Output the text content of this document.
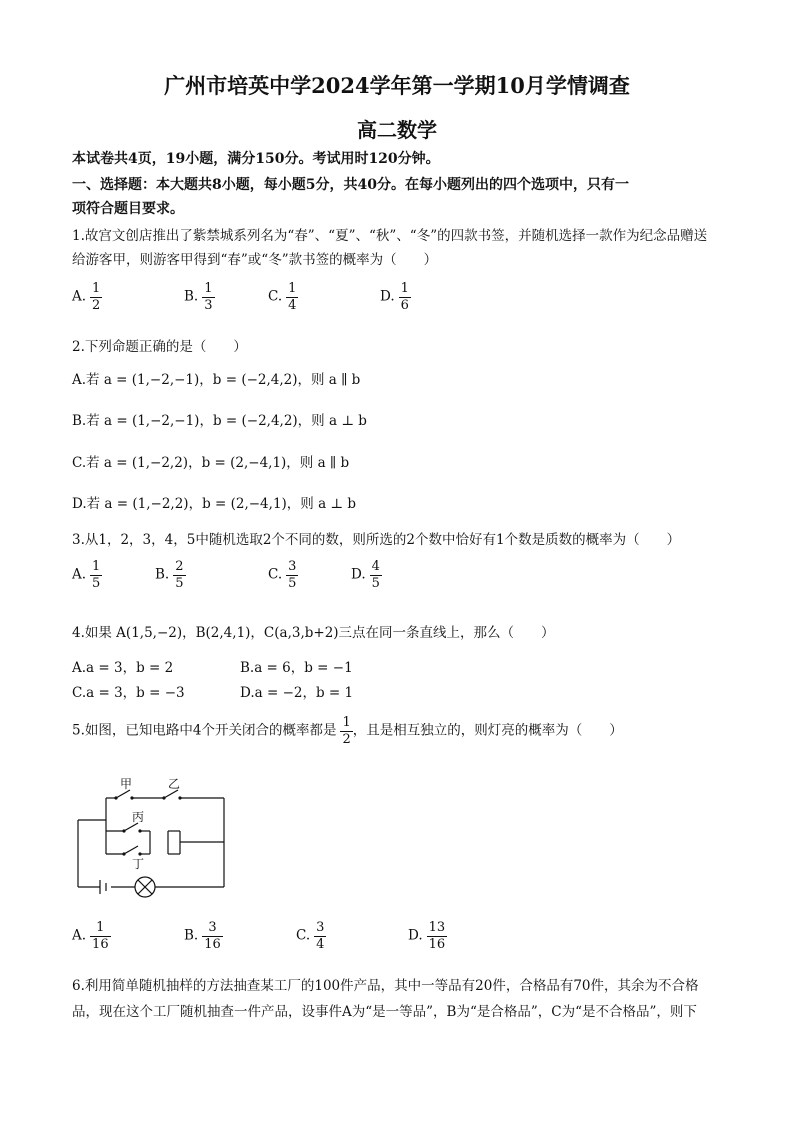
广州市培英中学2024学年第一学期10月学情调查
高二数学
本试卷共4页，19小题，满分150分。考试用时120分钟。
一、选择题：本大题共8小题，每小题5分，共40分。在每小题列出的四个选项中，只有一
项符合题目要求。
1.故宫文创店推出了紫禁城系列名为“春”、“夏”、“秋”、“冬”的四款书签，并随机选择一款作为纪念品赠送
给游客甲，则游客甲得到“春”或“冬”款书签的概率为（　　）
A. $\frac{1}{2}$	B. $\frac{1}{3}$	C. $\frac{1}{4}$	D. $\frac{1}{6}$
2.下列命题正确的是（　　）
A.若 a = (1,−2,−1)，b = (−2,4,2)，则 a ∥ b
B.若 a = (1,−2,−1)，b = (−2,4,2)，则 a ⊥ b
C.若 a = (1,−2,2)，b = (2,−4,1)，则 a ∥ b
D.若 a = (1,−2,2)，b = (2,−4,1)，则 a ⊥ b
3.从1，2，3，4，5中随机选取2个不同的数，则所选的2个数中恰好有1个数是质数的概率为（　　）
A. $\frac{1}{5}$	B. $\frac{2}{5}$	C. $\frac{3}{5}$	D. $\frac{4}{5}$
4.如果 A(1,5,−2)，B(2,4,1)，C(a,3,b+2)三点在同一条直线上，那么（　　）
A.a = 3，b = 2	B.a = 6，b = −1
C.a = 3，b = −3	D.a = −2，b = 1
5.如图，已知电路中4个开关闭合的概率都是 $\frac{1}{2}$ ，且是相互独立的，则灯亮的概率为（　　）
甲	乙
丙
丁
A. $\frac{1}{16}$	B. $\frac{3}{16}$	C. $\frac{3}{4}$	D. $\frac{13}{16}$
6.利用简单随机抽样的方法抽查某工厂的100件产品，其中一等品有20件，合格品有70件，其余为不合格
品，现在这个工厂随机抽查一件产品，设事件A为“是一等品”，B为“是合格品”，C为“是不合格品”，则下
